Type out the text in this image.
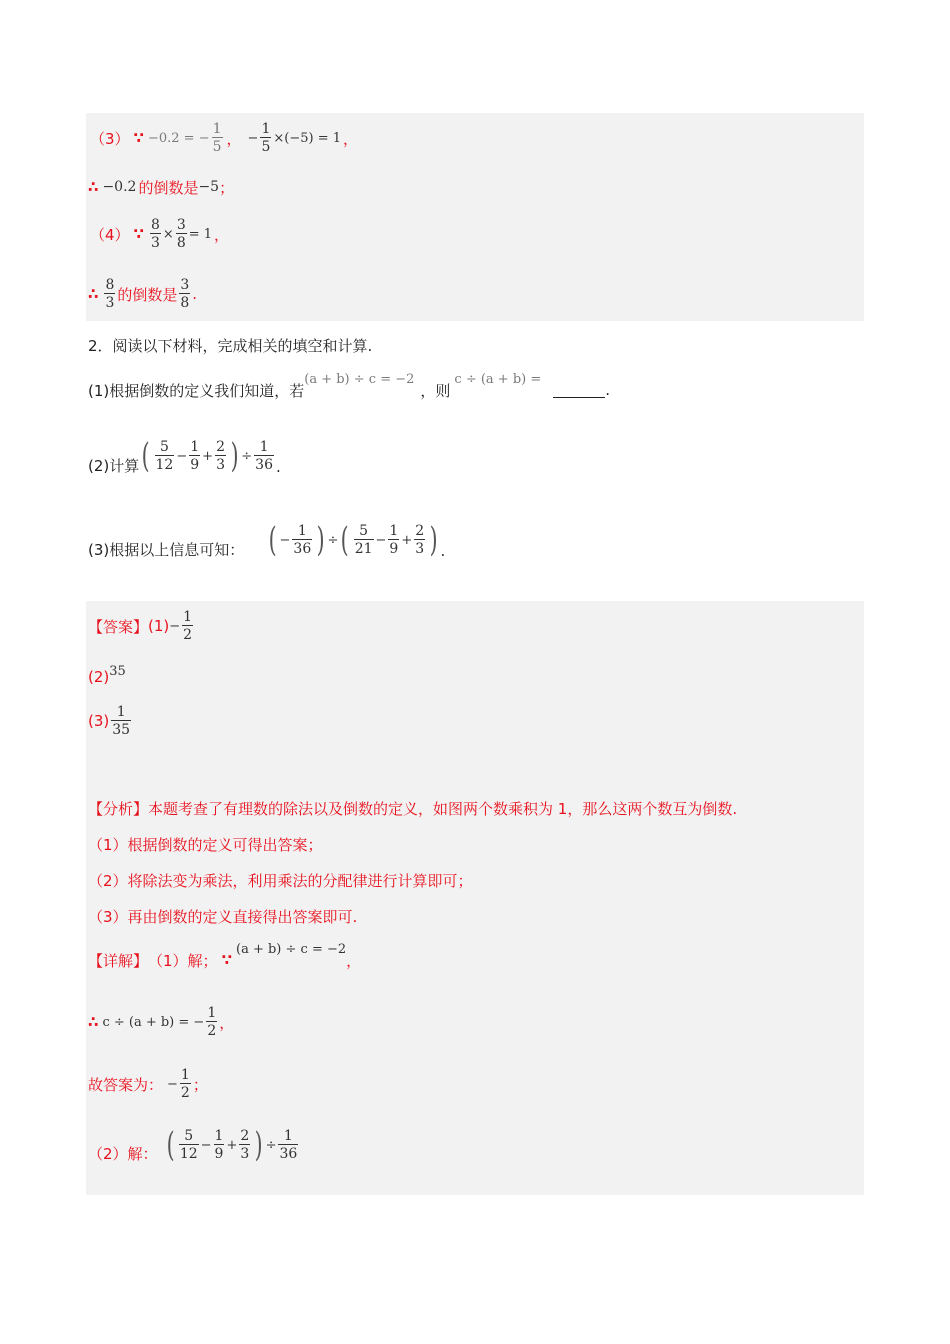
（3） ∵ −0.2 = − $\frac{1}{5}$ ， − $\frac{1}{5} \times(-5) = 1$ ，
∴ −0.2 的倒数是 −5 ；
（4） ∵ $\frac{8}{3} \times \frac{3}{8} = 1$ ，
∴ $\frac{8}{3}$ 的倒数是 $\frac{3}{8}$ .
2．阅读以下材料，完成相关的填空和计算.
(1)根据倒数的定义我们知道，若
(a + b) ÷ c = −2
，则
c ÷ (a + b) =
.
(2)计算 ( $\frac{5}{12} - \frac{1}{9} + \frac{2}{3}$ ) ÷ $\frac{1}{36}$ .
(3)根据以上信息可知： ( − $\frac{1}{36}$ ) ÷ ( $\frac{5}{21} - \frac{1}{9} + \frac{2}{3}$ ) .
【答案】 $(1) - \frac{1}{2}$
(2) 35
$(3) \frac{1}{35}$
【分析】 本题考查了有理数的除法以及倒数的定义，如图两个数乘积为 1，那么这两个数互为倒数.
（1）根据倒数的定义可得出答案；
（2）将除法变为乘法，利用乘法的分配律进行计算即可；
（3）再由倒数的定义直接得出答案即可.
【详解】 （1）解； ∵
(a + b) ÷ c = −2
，
∴ c ÷ (a + b) = − $\frac{1}{2}$ ，
故答案为： − $\frac{1}{2}$ ；
（2）解： ( $\frac{5}{12} - \frac{1}{9} + \frac{2}{3}$ ) ÷ $\frac{1}{36}$
